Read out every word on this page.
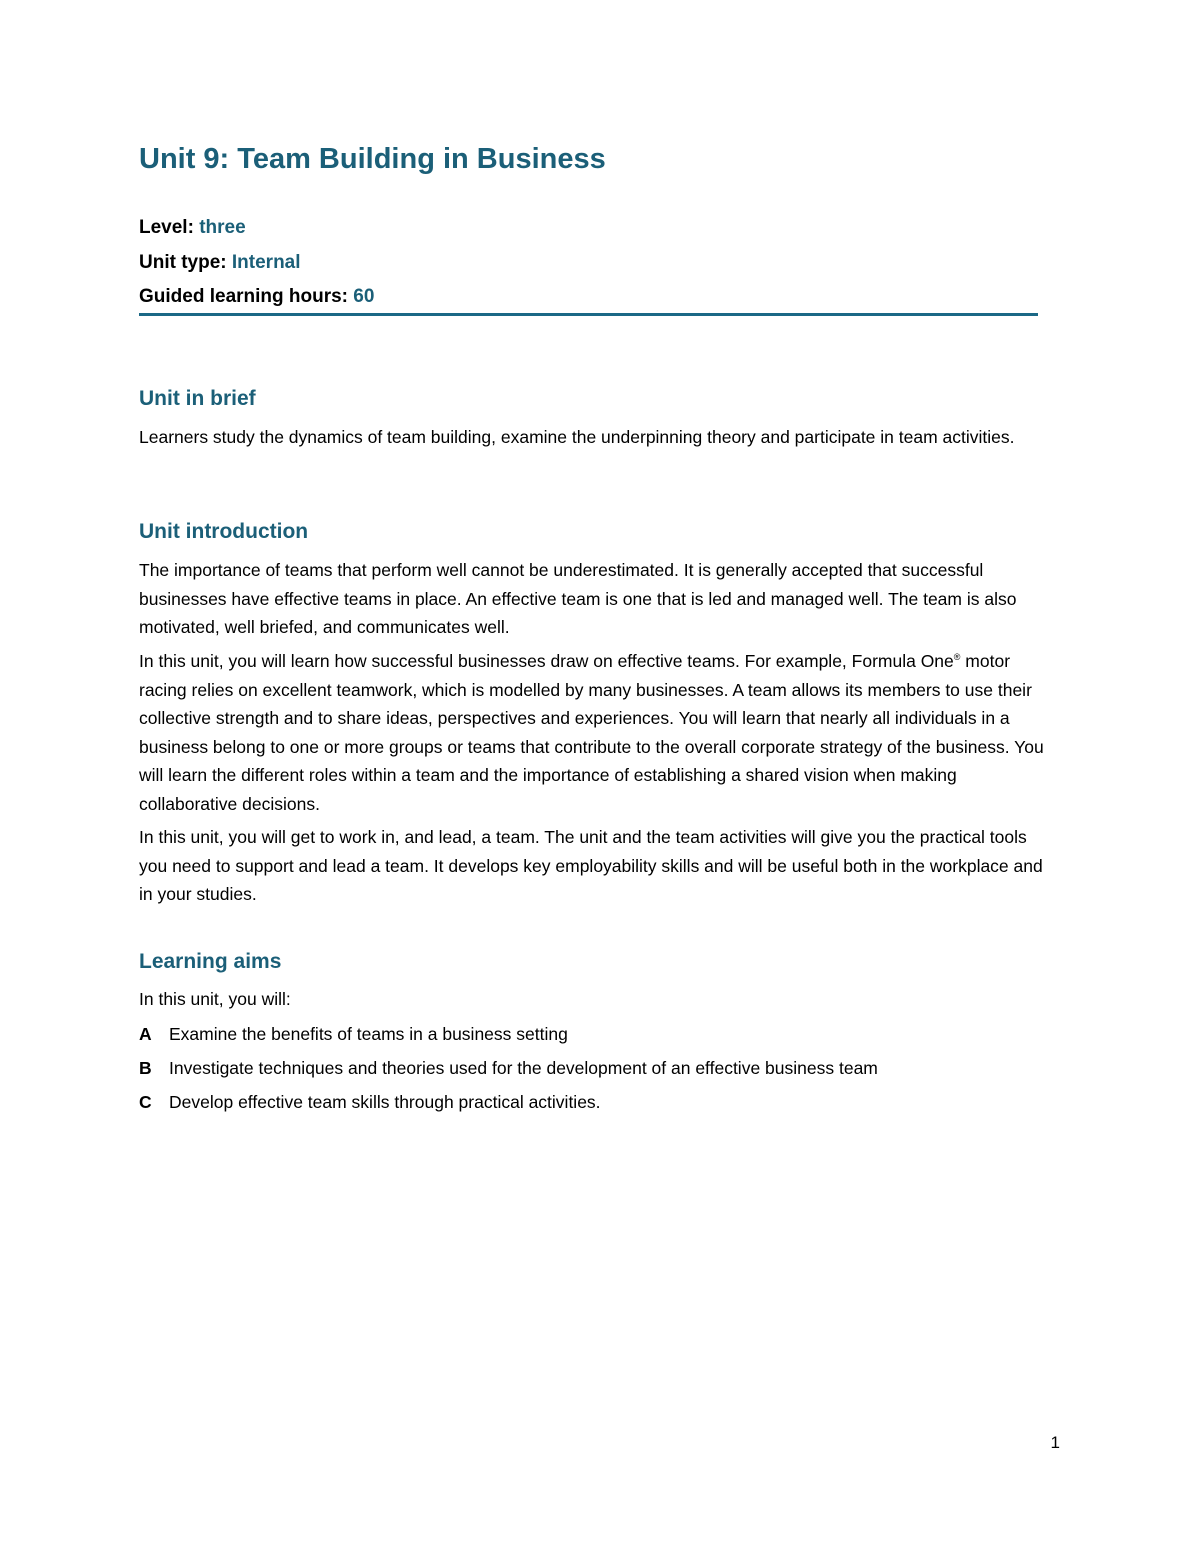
Unit 9: Team Building in Business

Level: three

Unit type: Internal

Guided learning hours: 60

Unit in brief

Learners study the dynamics of team building, examine the underpinning theory and participate in team activities.

Unit introduction

The importance of teams that perform well cannot be underestimated. It is generally accepted that successful businesses have effective teams in place. An effective team is one that is led and managed well. The team is also motivated, well briefed, and communicates well.

In this unit, you will learn how successful businesses draw on effective teams. For example, Formula One® motor racing relies on excellent teamwork, which is modelled by many businesses. A team allows its members to use their collective strength and to share ideas, perspectives and experiences. You will learn that nearly all individuals in a business belong to one or more groups or teams that contribute to the overall corporate strategy of the business. You will learn the different roles within a team and the importance of establishing a shared vision when making collaborative decisions.

In this unit, you will get to work in, and lead, a team. The unit and the team activities will give you the practical tools you need to support and lead a team. It develops key employability skills and will be useful both in the workplace and in your studies.

Learning aims

In this unit, you will:

A Examine the benefits of teams in a business setting
B Investigate techniques and theories used for the development of an effective business team
C Develop effective team skills through practical activities.

1
